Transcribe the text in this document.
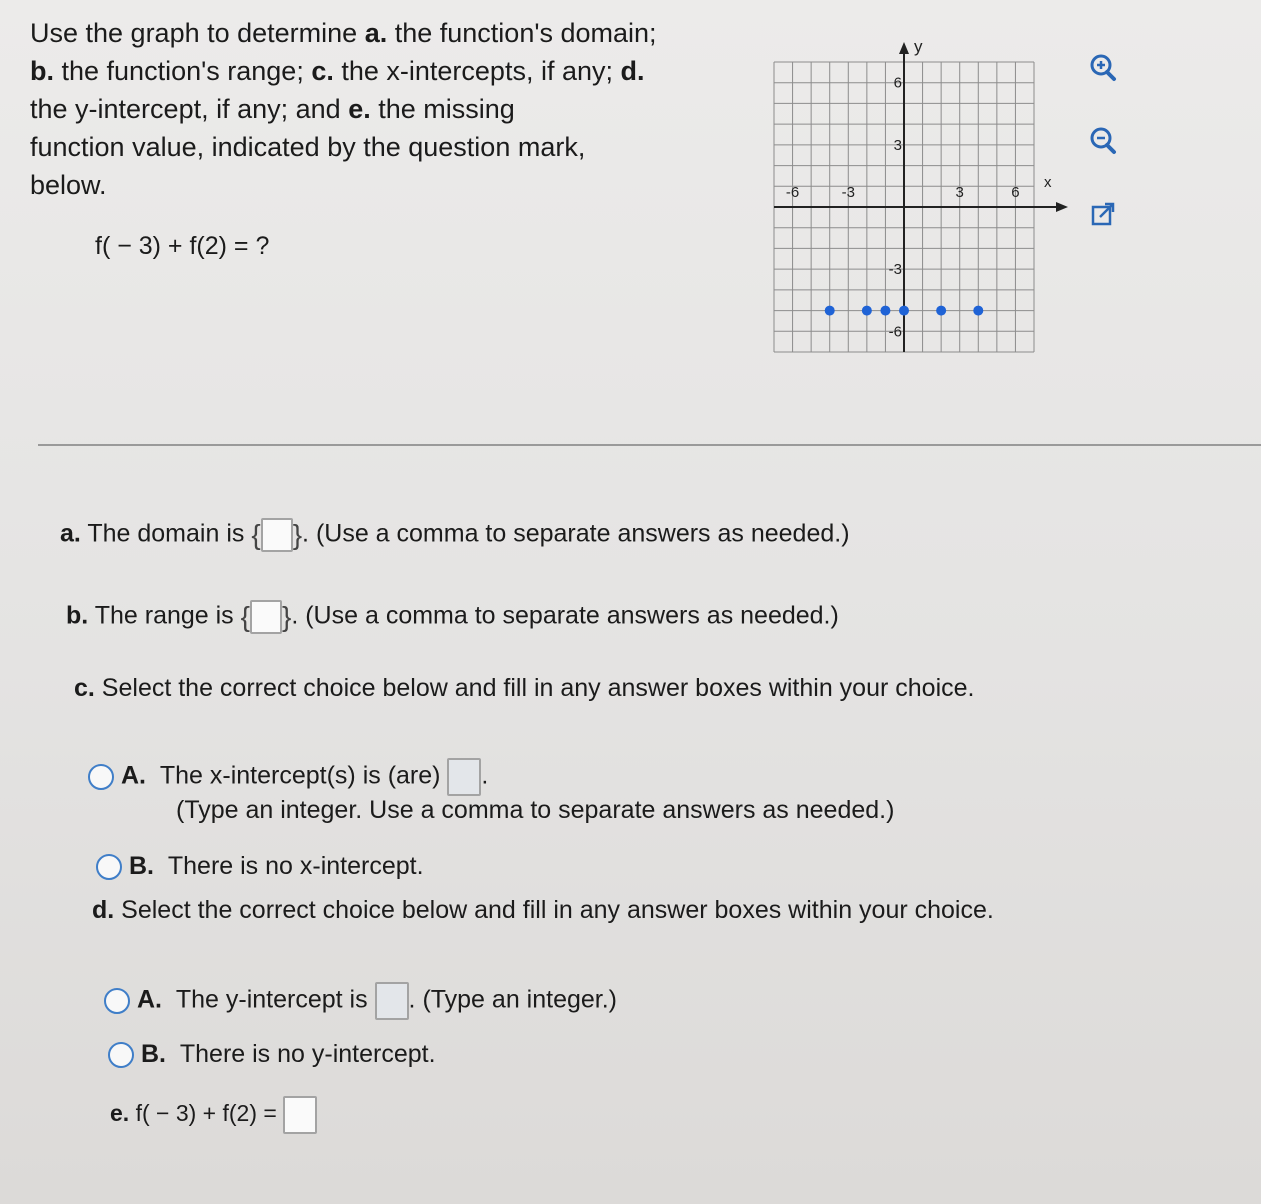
Use the graph to determine a. the function's domain;
b. the function's range; c. the x-intercepts, if any; d.
the y-intercept, if any; and e. the missing
function value, indicated by the question mark,
below.
f( − 3) + f(2) = ?
y
x
-6	-3	3	6
6
3
-3
-6
a. The domain is { } . (Use a comma to separate answers as needed.)
b. The range is { } . (Use a comma to separate answers as needed.)
c. Select the correct choice below and fill in any answer boxes within your choice.
A. The x-intercept(s) is (are) .
(Type an integer. Use a comma to separate answers as needed.)
B. There is no x-intercept.
d. Select the correct choice below and fill in any answer boxes within your choice.
A. The y-intercept is . (Type an integer.)
B. There is no y-intercept.
e. f( − 3) + f(2) =
